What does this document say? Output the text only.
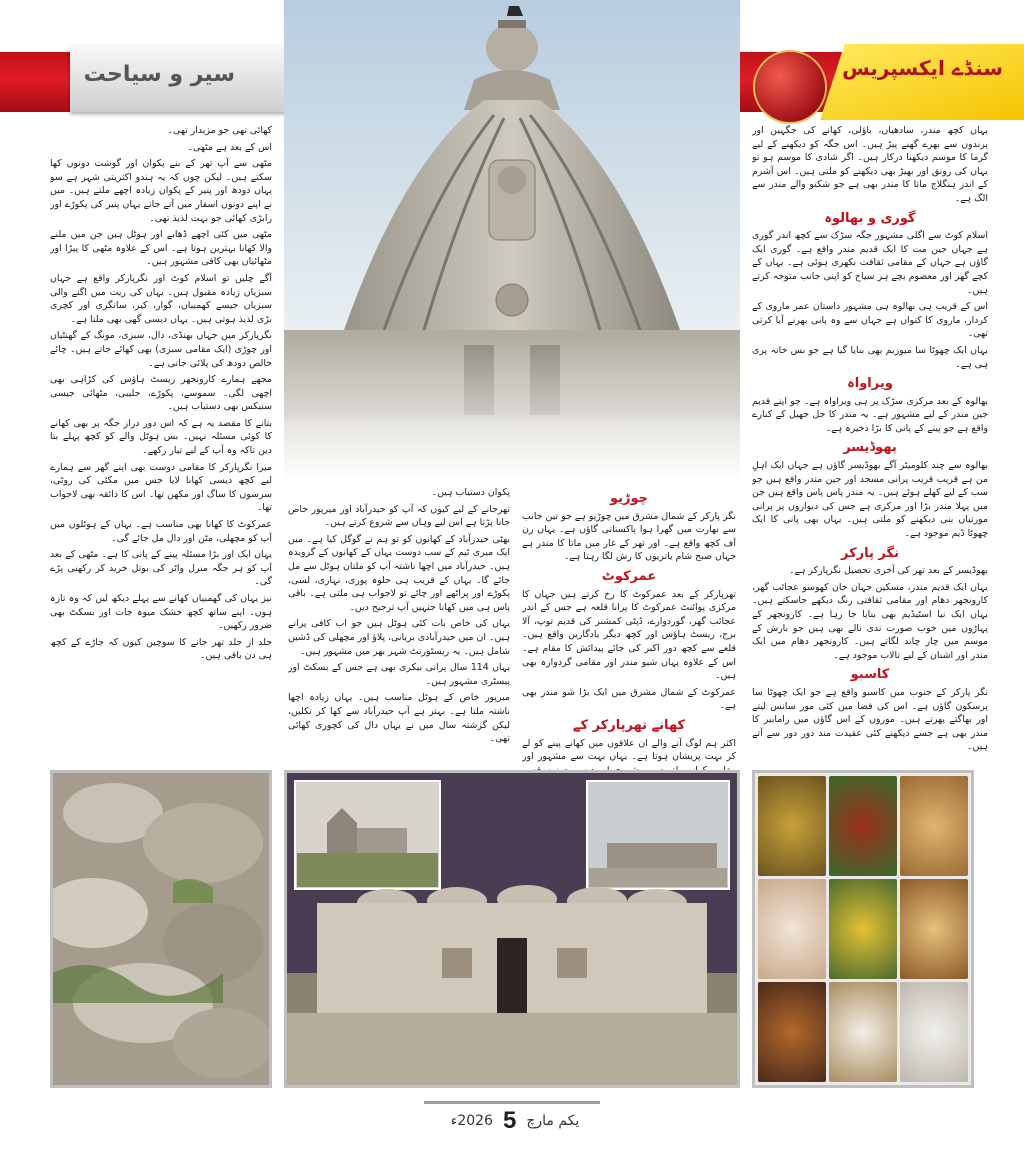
سیر و سیاحت	سنڈے ایکسپریس

یہاں کچھ مندر، سادھیاں، باؤلی، کھانے کی جگہیں اور پرندوں سے بھرے گھنے پیڑ ہیں۔ اس جگہ کو دیکھنے کے لیے گرما کا موسم دیکھنا درکار ہیں۔ اگر شادی کا موسم ہو تو یہاں کی رونق اور بھیڑ بھی دیکھنے کو ملتی ہیں۔ اس آشرم کے اندر ہنگلاج ماتا کا مندر بھی ہے جو شکنو والے مندر سے الگ ہے۔

گوری و بھالوہ

اسلام کوٹ سے اگلی مشہور جگہ سڑک سے کچھ اندر گوری ہے جہاں جین مت کا ایک قدیم مندر واقع ہے۔ گوری ایک گاؤں ہے جہاں کے مقامی ثقافت بکھری ہوئی ہے۔ یہاں کے کچے گھر اور معصوم بچے ہر سیاح کو اپنی جانب متوجہ کرتے ہیں۔

اس کے قریب ہی بھالوہ ہی مشہور داستان عمر ماروی کے کردار، ماروی کا کنواں ہے جہاں سے وہ پانی بھرنے آیا کرتی تھی۔

یہاں ایک چھوٹا سا میوزیم بھی بنایا گیا ہے جو بس خانہ پری ہی ہے۔

ویراواہ

بھالوہ کے بعد مرکزی سڑک پر ہی ویراواہ ہے۔ جو اپنے قدیم جین مندر کے لیے مشہور ہے۔ یہ مندر کا جل جھیل کے کنارے واقع ہے جو پینے کے پانی کا بڑا ذخیرہ ہے۔

بھوڈیسر

بھالوہ سے چند کلومیٹر آگے بھوڈیسر گاؤں ہے جہاں ایک اہلِ من ہے قریب قریب پرانی مسجد اور جین مندر واقع ہیں جو سب کے لیے کھلے ہوئے ہیں۔ یہ مندر پاس پاس واقع ہیں جن میں پہلا مندر بڑا اور مرکزی ہے جس کی دیواروں پر پرانی مورتیاں بنی دیکھنے کو ملتی ہیں۔ یہاں بھی پانی کا ایک چھوٹا ڈیم موجود ہے۔

نگر پارکر

بھوڈیسر کے بعد تھر کی آخری تحصیل نگرپارکر ہے۔

یہاں ایک قدیم مندر، مسکین جہان خان کھوسو عجائب گھر، کارونجھر دھام اور مقامی ثقافتی رنگ دیکھے جاسکتے ہیں۔ یہاں ایک نیا اسٹیڈیم بھی بنایا جا رہا ہے۔ کارونجھر کے پہاڑوں میں خوب صورت ندی نالے بھی ہیں جو بارش کے موسم میں چار چاند لگاتے ہیں۔ کارونجھر دھام میں ایک مندر اور اشنان کے لیے تالاب موجود ہے۔

کاسبو

نگر پارکر کے جنوب میں کاسبو واقع ہے جو ایک چھوٹا سا پرسکون گاؤں ہے۔ اس کی فضا میں کئی مور سانس لیتے اور بھاگتے پھرتے ہیں۔ موروں کے اس گاؤں میں رامابیر کا مندر بھی ہے جسے دیکھنے کئی عقیدت مند دور دور سے آتے ہیں۔

چوڑیو

نگر پارکر کے شمال مشرق میں چوڑیو ہے جو تین جانب سے بھارت میں گھرا ہوا پاکستانی گاؤں ہے۔ یہاں رن آف کچھ واقع ہے۔ اور تھر کے غار میں ماتا کا مندر ہے جہاں صبح شام یاتریوں کا رش لگا رہتا ہے۔

عمرکوٹ

تھرپارکر کے بعد عمرکوٹ کا رخ کرتے ہیں جہاں کا مرکزی پوائنٹ عمرکوٹ کا پرانا قلعہ ہے جس کے اندر عجائب گھر، گوردوارے، ڈپٹی کمشنر کی قدیم توپ، آلا برج، ریسٹ ہاؤس اور کچھ دیگر یادگاریں واقع ہیں۔ قلعے سے کچھ دور اکبر کی جائے پیدائش کا مقام ہے۔ اس کے علاوہ یہاں شیو مندر اور مقامی گردوارہ بھی ہیں۔

عمرکوٹ کے شمال مشرق میں ایک بڑا شو مندر بھی ہے۔

کھانے تھرپارکر کے

اکثر ہم لوگ آنے والے ان علاقوں میں کھانے پینے کو لے کر بہت پریشان ہوتا ہے۔ یہاں بہت سے مشہور اور

پکوان دستیاب ہیں۔

تھرجانے کے لیے کیوں کہ آپ کو حیدرآباد اور میرپور خاص جانا پڑتا ہے اس لیے وہاں سے شروع کرتے ہیں۔

بھٹی حیدرآباد کے کھانوں کو تو ہم نے گوگل کیا ہے۔ میں ایک میری ٹیم کے سب دوست یہاں کے کھانوں کے گرویدہ ہیں۔ حیدرآباد میں اچھا ناشتہ آپ کو ملتان ہوٹل سے مل جائے گا۔ یہاں کے قریب ہی حلوہ پوری، نہاری، لسی، پکوڑے اور پراٹھے اور چائے تو لاجواب ہی ملتی ہے۔ باقی پاس ہی میں کھانا جنہیں آپ ترجیح دیں۔

یہاں کی خاص بات کئی ہوٹل ہیں جو اب کافی پرانے ہیں۔ ان میں حیدرآبادی بریانی، پلاؤ اور مچھلی کی ڈشیں شامل ہیں۔ یہ ریسٹورنٹ شہر بھر میں مشہور ہیں۔

یہاں 114 سال پرانی بیکری بھی ہے جس کے بسکٹ اور پیسٹری مشہور ہیں۔

میرپور خاص کے ہوٹل مناسب ہیں۔ یہاں زیادہ اچھا ناشتہ ملتا ہے۔ بہتر ہے آپ حیدرآباد سے کھا کر نکلیں، لیکن گزشتہ سال میں نے یہاں دال کی کچوری کھائی تھی۔

کھائی تھی جو مزیدار تھی۔

اس کے بعد ہے مٹھی۔

مٹھی سے آپ تھر کے بنے پکوان اور گوشت دونوں کھا سکتے ہیں۔ لیکن چوں کہ یہ ہندو اکثریتی شہر ہے سو یہاں دودھ اور پنیر کے پکوان زیادہ اچھے ملتے ہیں۔ میں نے اپنے دونوں اسفار میں آتے جاتے یہاں پنیر کی پکوڑے اور رابڑی کھائی جو بہت لذیذ تھی۔

مٹھی میں کئی اچھے ڈھابے اور ہوٹل ہیں جن میں ملنے والا کھانا بہترین ہوتا ہے۔ اس کے علاوہ مٹھی کا پیڑا اور مٹھائیاں بھی کافی مشہور ہیں۔

آگے چلیں تو اسلام کوٹ اور نگرپارکر واقع ہے جہاں سبزیاں زیادہ مقبول ہیں۔ یہاں کی ریت میں اگنے والی سبزیاں جیسے کھمبیاں، گوار، کیر، سانگری اور کچری بڑی لذیذ ہوتی ہیں۔ یہاں دیسی گھی بھی ملتا ہے۔

نگرپارکر میں جہاں بھنڈی، دال، سبزی، مونگ کے گھنٹیاں اور چوڑی (ایک مقامی سبزی) بھی کھائے جاتے ہیں۔ چائے خالص دودھ کی پلائی جاتی ہے۔

مجھے ہمارے کارونجھر ریسٹ ہاؤس کی کڑاہی بھی اچھی لگی۔ سموسے، پکوڑے، جلیبی، مٹھائی جیسی سنیکس بھی دستیاب ہیں۔

بتانے کا مقصد یہ ہے کہ اس دور دراز جگہ پر بھی کھانے کا کوئی مسئلہ نہیں۔ بس ہوٹل والے کو کچھ پہلے بتا دیں تاکہ وہ آپ کے لیے تیار رکھے۔

میرا نگرپارکر کا مقامی دوست بھی اپنے گھر سے ہمارے لیے کچھ دیسی کھانا لایا جس میں مکئی کی روٹی، سرسوں کا ساگ اور مکھن تھا۔ اس کا ذائقہ بھی لاجواب تھا۔

عمرکوٹ کا کھانا بھی مناسب ہے۔ یہاں کے ہوٹلوں میں آپ کو مچھلی، مٹن اور دال مل جائے گی۔

یہاں ایک اور بڑا مسئلہ پینے کے پانی کا ہے۔ مٹھی کے بعد آپ کو ہر جگہ منرل واٹر کی بوتل خرید کر رکھنی پڑے گی۔

نیز یہاں کی گھمبیاں کھانے سے پہلے دیکھ لیں کہ وہ تازہ ہوں۔ اپنے ساتھ کچھ خشک میوہ جات اور بسکٹ بھی ضرور رکھیں۔

جلد از جلد تھر جانے کا سوچیں کیوں کہ جاڑے کے کچھ ہی دن باقی ہیں۔

یکم مارچ
5
2026ء
